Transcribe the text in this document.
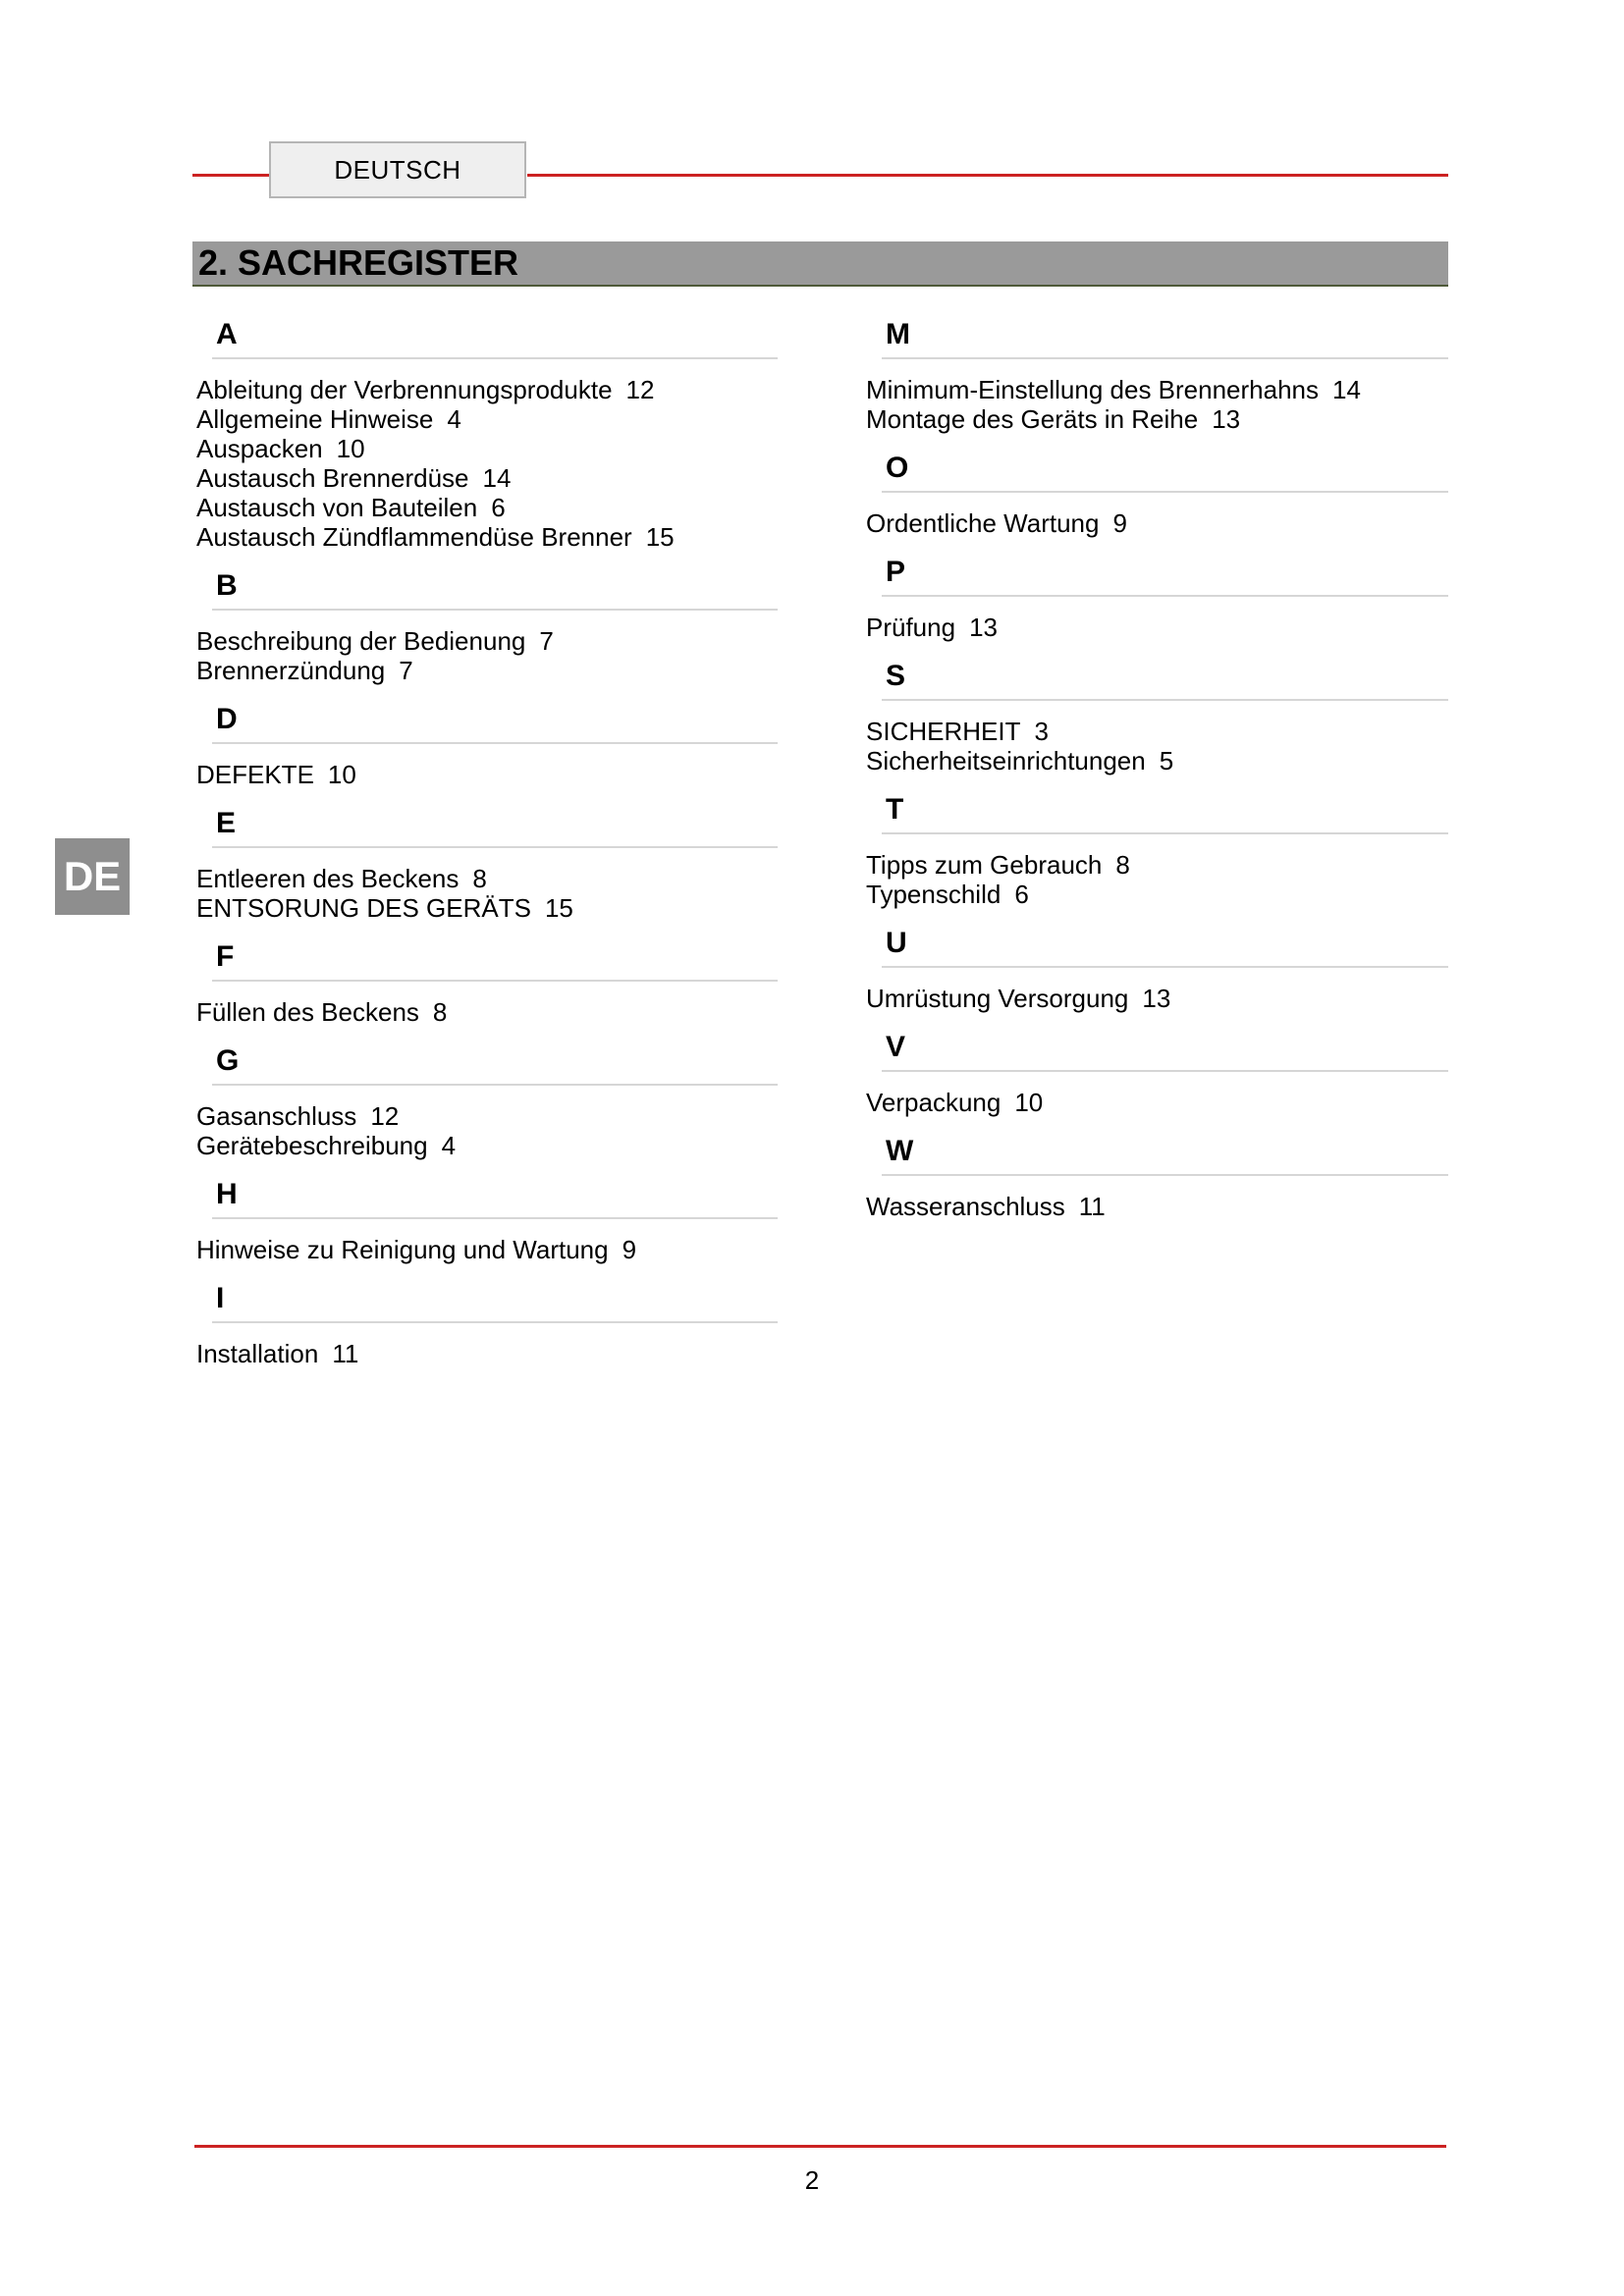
DEUTSCH
2. SACHREGISTER
DE
A
Ableitung der Verbrennungsprodukte 12
Allgemeine Hinweise 4
Auspacken 10
Austausch Brennerdüse 14
Austausch von Bauteilen 6
Austausch Zündflammendüse Brenner 15
B
Beschreibung der Bedienung 7
Brennerzündung 7
D
DEFEKTE 10
E
Entleeren des Beckens 8
ENTSORUNG DES GERÄTS 15
F
Füllen des Beckens 8
G
Gasanschluss 12
Gerätebeschreibung 4
H
Hinweise zu Reinigung und Wartung 9
I
Installation 11
M
Minimum-Einstellung des Brennerhahns 14
Montage des Geräts in Reihe 13
O
Ordentliche Wartung 9
P
Prüfung 13
S
SICHERHEIT 3
Sicherheitseinrichtungen 5
T
Tipps zum Gebrauch 8
Typenschild 6
U
Umrüstung Versorgung 13
V
Verpackung 10
W
Wasseranschluss 11
2
